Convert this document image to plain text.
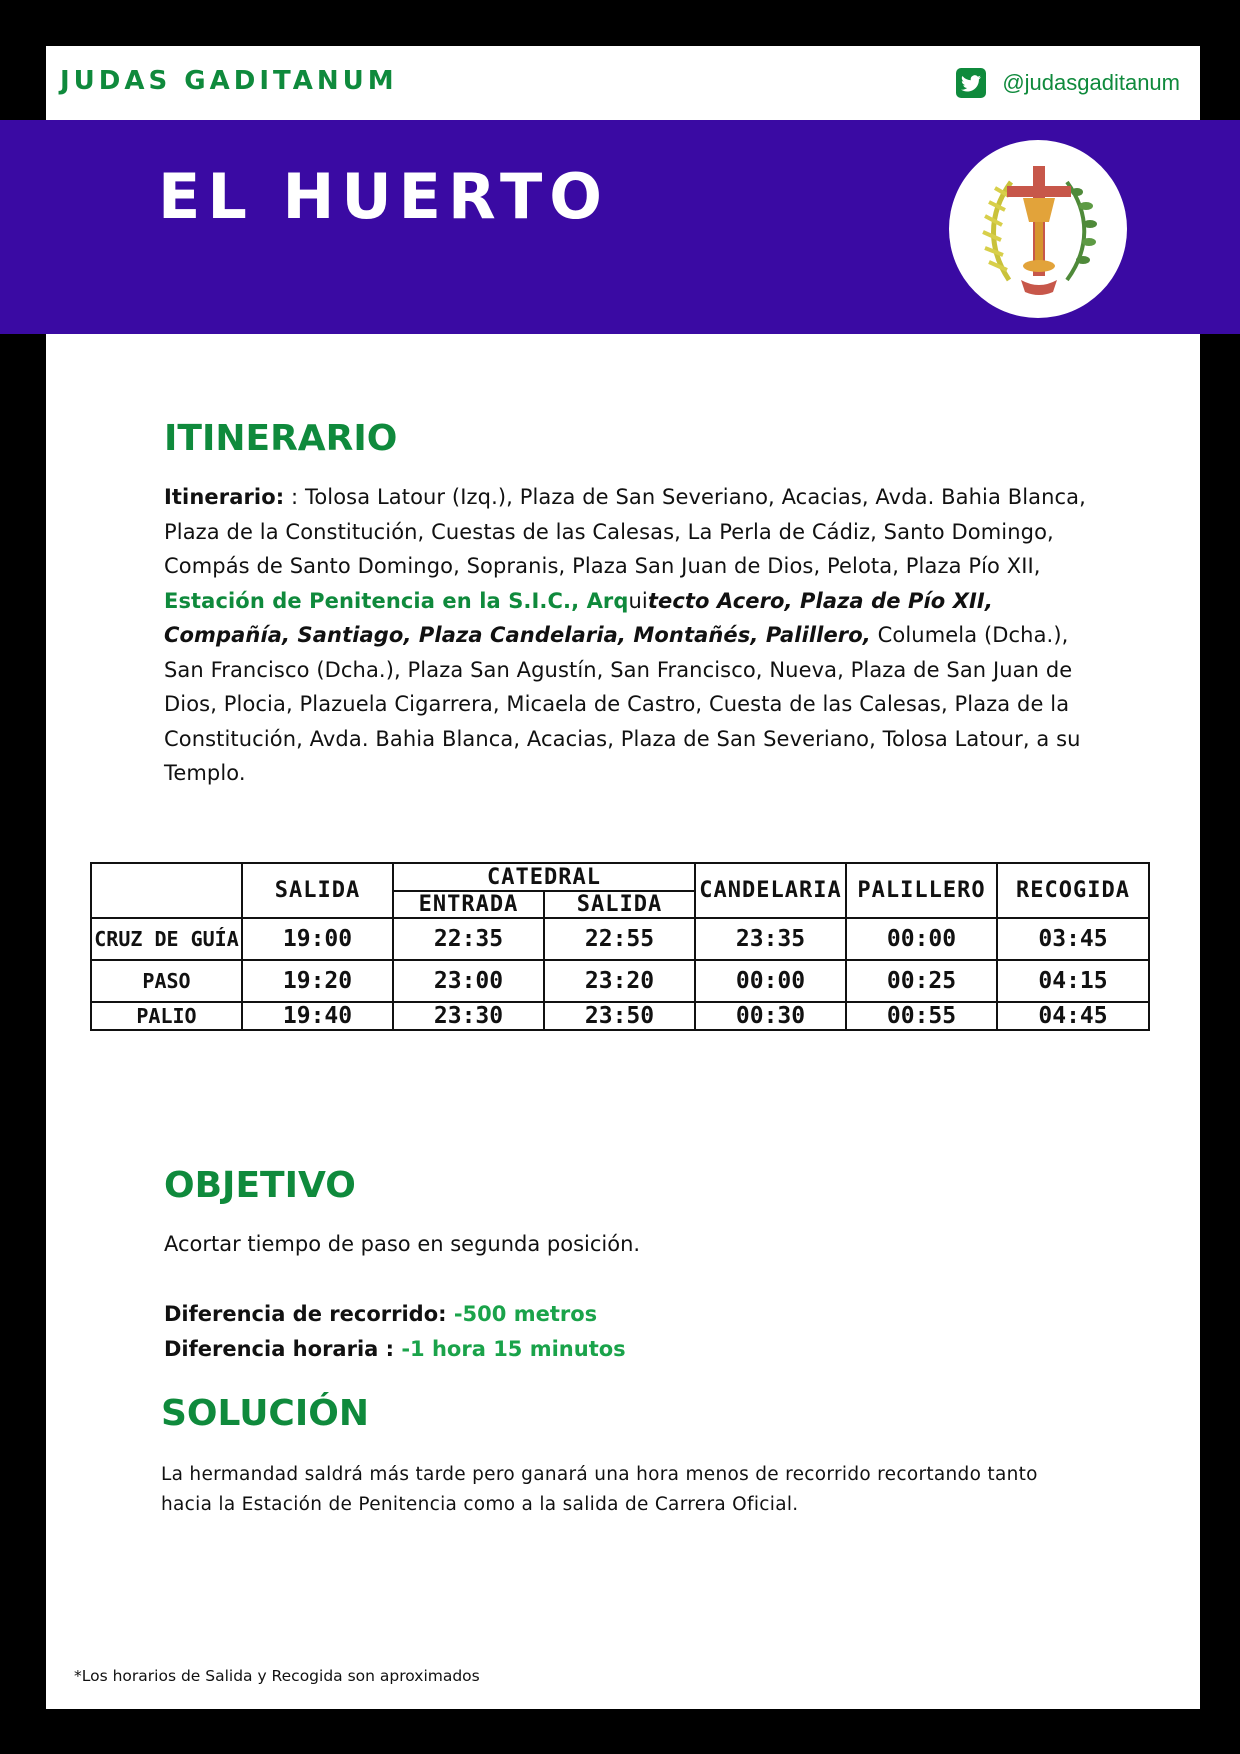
JUDAS GADITANUM	@judasgaditanum
EL HUERTO
ITINERARIO
Itinerario: : Tolosa Latour (Izq.), Plaza de San Severiano, Acacias, Avda. Bahia Blanca, Plaza de la Constitución, Cuestas de las Calesas, La Perla de Cádiz, Santo Domingo, Compás de Santo Domingo, Sopranis, Plaza San Juan de Dios, Pelota, Plaza Pío XII, Estación de Penitencia en la S.I.C., Arquitecto Acero, Plaza de Pío XII, Compañía, Santiago, Plaza Candelaria, Montañés, Palillero, Columela (Dcha.), San Francisco (Dcha.), Plaza San Agustín, San Francisco, Nueva, Plaza de San Juan de Dios, Plocia, Plazuela Cigarrera, Micaela de Castro, Cuesta de las Calesas, Plaza de la Constitución, Avda. Bahia Blanca, Acacias, Plaza de San Severiano, Tolosa Latour, a su Templo.
	SALIDA	CATEDRAL		CANDELARIA	PALILLERO	RECOGIDA
		ENTRADA	SALIDA			
CRUZ DE GUÍA	19:00	22:35	22:55	23:35	00:00	03:45
PASO	19:20	23:00	23:20	00:00	00:25	04:15
PALIO	19:40	23:30	23:50	00:30	00:55	04:45
OBJETIVO
Acortar tiempo de paso en segunda posición.
Diferencia de recorrido: -500 metros
Diferencia horaria : -1 hora 15 minutos
SOLUCIÓN
La hermandad saldrá más tarde pero ganará una hora menos de recorrido recortando tanto hacia la Estación de Penitencia como a la salida de Carrera Oficial.
*Los horarios de Salida y Recogida son aproximados
